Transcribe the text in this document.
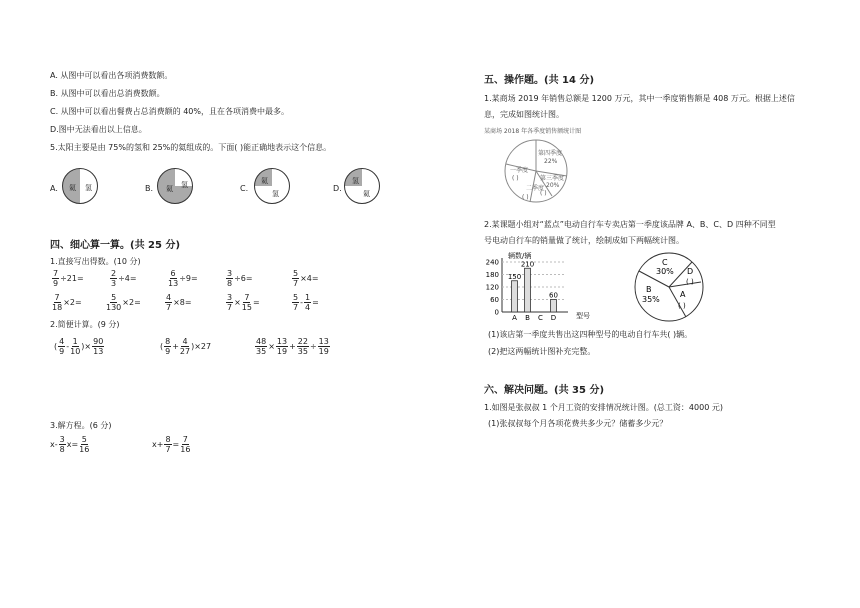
A. 从图中可以看出各项消费数额。
B. 从图中可以看出总消费数额。
C. 从图中可以看出餐费占总消费额的 40%，且在各项消费中最多。
D.图中无法看出以上信息。
5.太阳主要是由 75%的氢和 25%的氦组成的。下面( )能正确地表示这个信息。
A. 氦 氢	B. 氦 氢	C.
氦
氢
D.
氢
氦
四、细心算一算。(共 25 分)
1.直接写出得数。(10 分)
$\frac{7}{9} \div 21=$	$\frac{2}{3} \div 4=$	$\frac{6}{13} \div 9=$	$\frac{3}{8} \div 6=$	$\frac{5}{7} \times 4=$
$\frac{7}{18} \times 2=$	$\frac{5}{130} \times 2=$	$\frac{4}{7} \times 8=$	$\frac{3}{7} \times \frac{7}{15}$ =	$\frac{5}{7} - \frac{1}{4}$ =
2.简便计算。(9 分)
( $\frac{4}{9} - \frac{1}{10}$ )× $\frac{90}{13}$	( $\frac{8}{9} + \frac{4}{27} )\times 27$	$\frac{48}{35} \times \frac{13}{19} + \frac{22}{35} \div \frac{13}{19}$
3.解方程。(6 分)
$x- \frac{3}{8} x= \frac{5}{16}$	$x+ \frac{8}{7} = \frac{7}{16}$
五、操作题。(共 14 分)
1.某商场 2019 年销售总额是 1200 万元，其中一季度销售额是 408 万元。根据上述信
息，完成如图统计图。
某商场 2018 年各季度销售额统计图
第四季度
22%
一季度
( )	第三季度
20%
二季度
( )
( )
2.某课题小组对“蓝点”电动自行车专卖店第一季度该品牌 A、B、C、D 四种不同型
号电动自行车的销量做了统计，绘制成如下两幅统计图。
辆数/辆
型号
0
60
120
180
240
150
A
210
B C
60
D
C
30% D
( )
B
35%
A
( )
(1)该店第一季度共售出这四种型号的电动自行车共( )辆。
(2)把这两幅统计图补充完整。
六、解决问题。(共 35 分)
1.如图是张叔叔 1 个月工资的安排情况统计图。(总工资：4000 元)
(1)张叔叔每个月各项花费共多少元？储蓄多少元？
